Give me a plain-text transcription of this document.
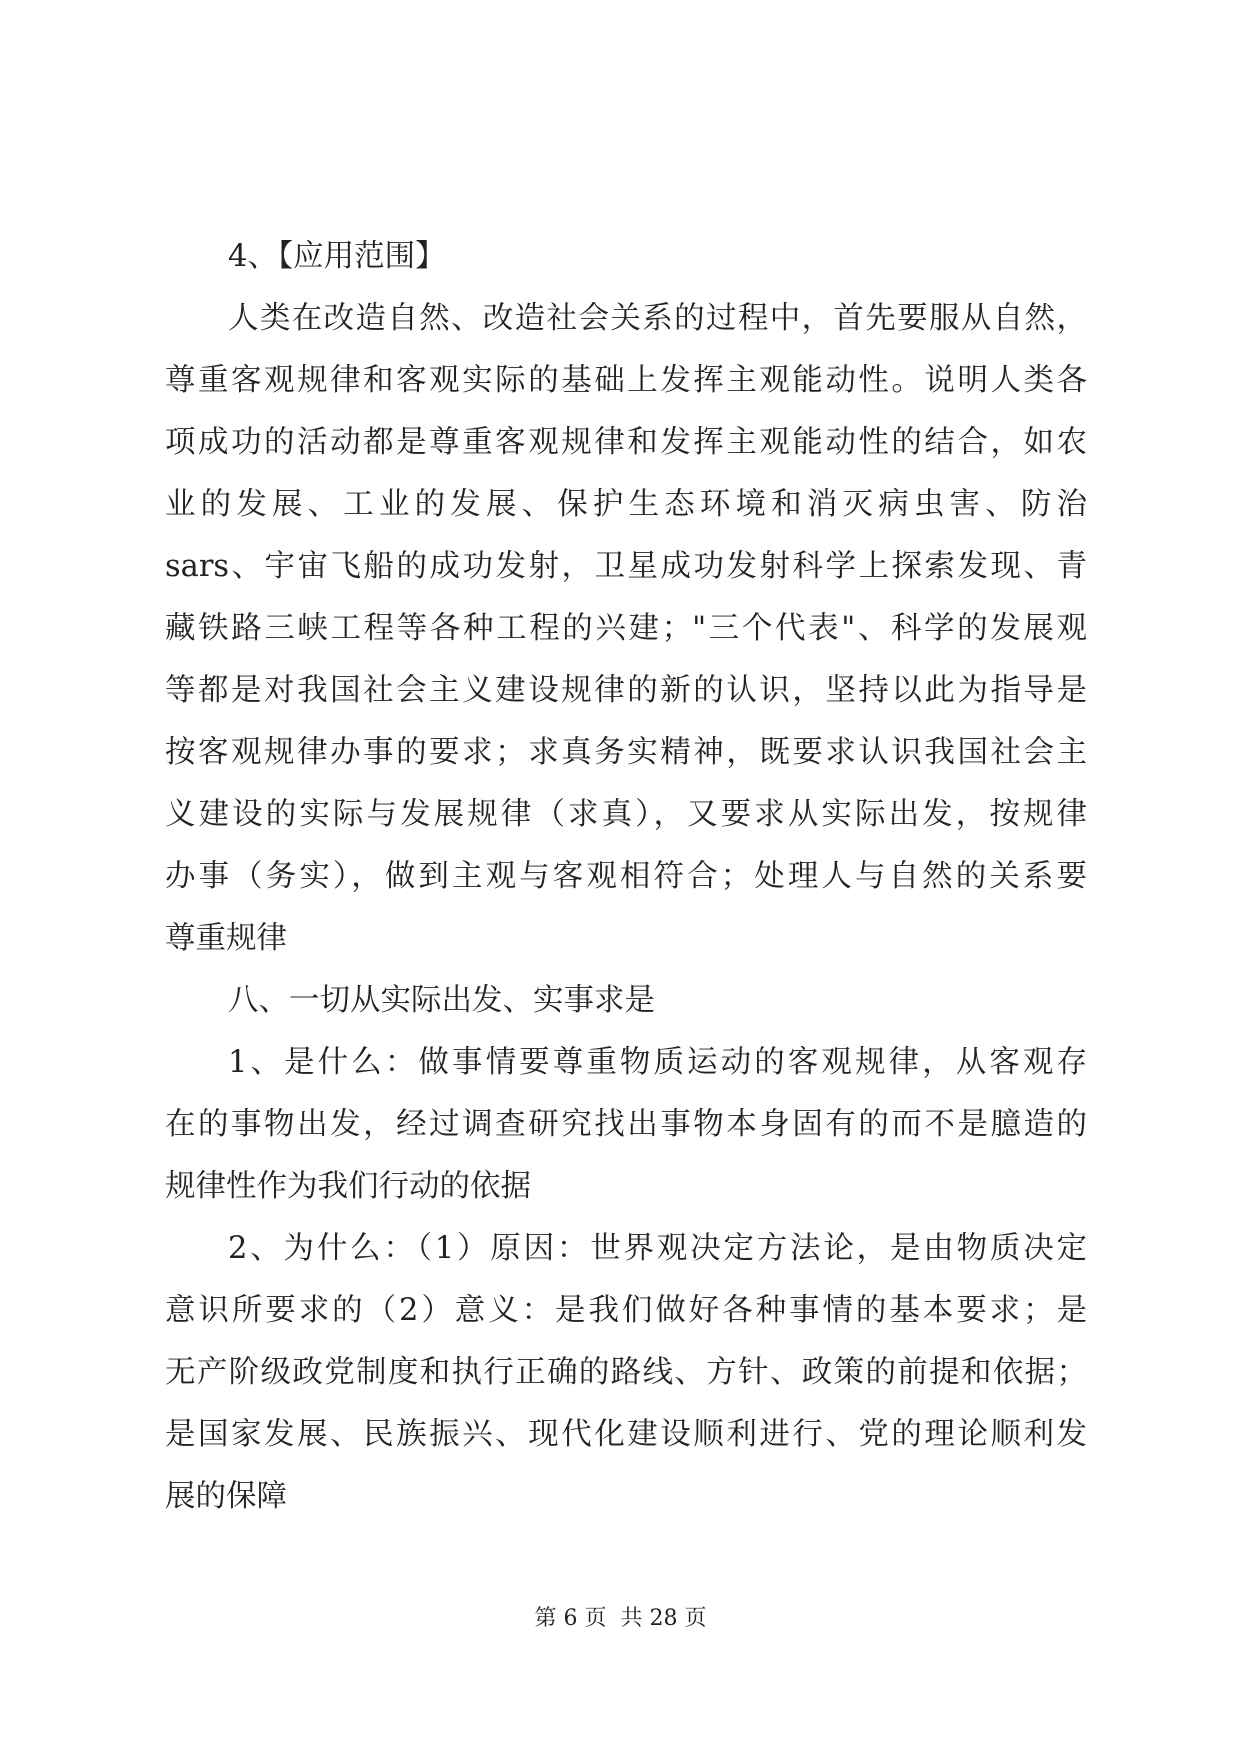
4、【应用范围】
人类在改造自然、改造社会关系的过程中，首先要服从自然，
尊重客观规律和客观实际的基础上发挥主观能动性。说明人类各
项成功的活动都是尊重客观规律和发挥主观能动性的结合，如农
业的发展、工业的发展、保护生态环境和消灭病虫害、防治
sars、宇宙飞船的成功发射，卫星成功发射科学上探索发现、青
藏铁路三峡工程等各种工程的兴建；"三个代表"、科学的发展观
等都是对我国社会主义建设规律的新的认识，坚持以此为指导是
按客观规律办事的要求；求真务实精神，既要求认识我国社会主
义建设的实际与发展规律（求真），又要求从实际出发，按规律
办事（务实），做到主观与客观相符合；处理人与自然的关系要
尊重规律
八、一切从实际出发、实事求是
1、是什么：做事情要尊重物质运动的客观规律，从客观存
在的事物出发，经过调查研究找出事物本身固有的而不是臆造的
规律性作为我们行动的依据
2、为什么：（1）原因：世界观决定方法论，是由物质决定
意识所要求的（2）意义：是我们做好各种事情的基本要求；是
无产阶级政党制度和执行正确的路线、方针、政策的前提和依据；
是国家发展、民族振兴、现代化建设顺利进行、党的理论顺利发
展的保障
第 6 页  共 28 页
